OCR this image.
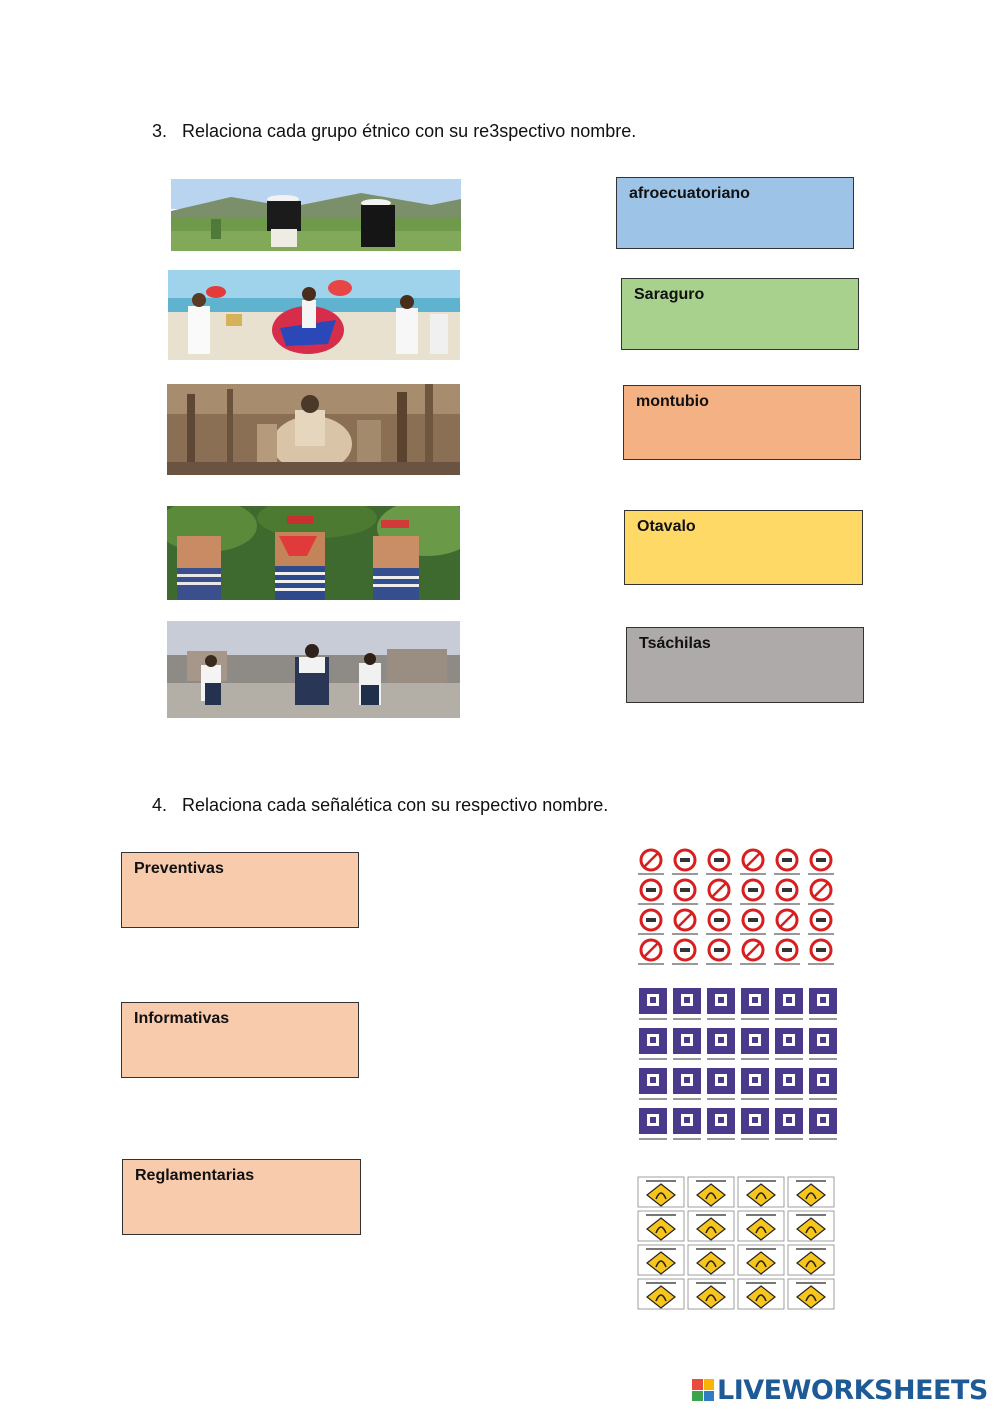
3. Relaciona cada grupo étnico con su re3spectivo nombre.
afroecuatoriano
Saraguro
montubio
Otavalo
Tsáchilas
4. Relaciona cada señalética con su respectivo nombre.
Preventivas
Informativas
Reglamentarias
LIVEWORKSHEETS
